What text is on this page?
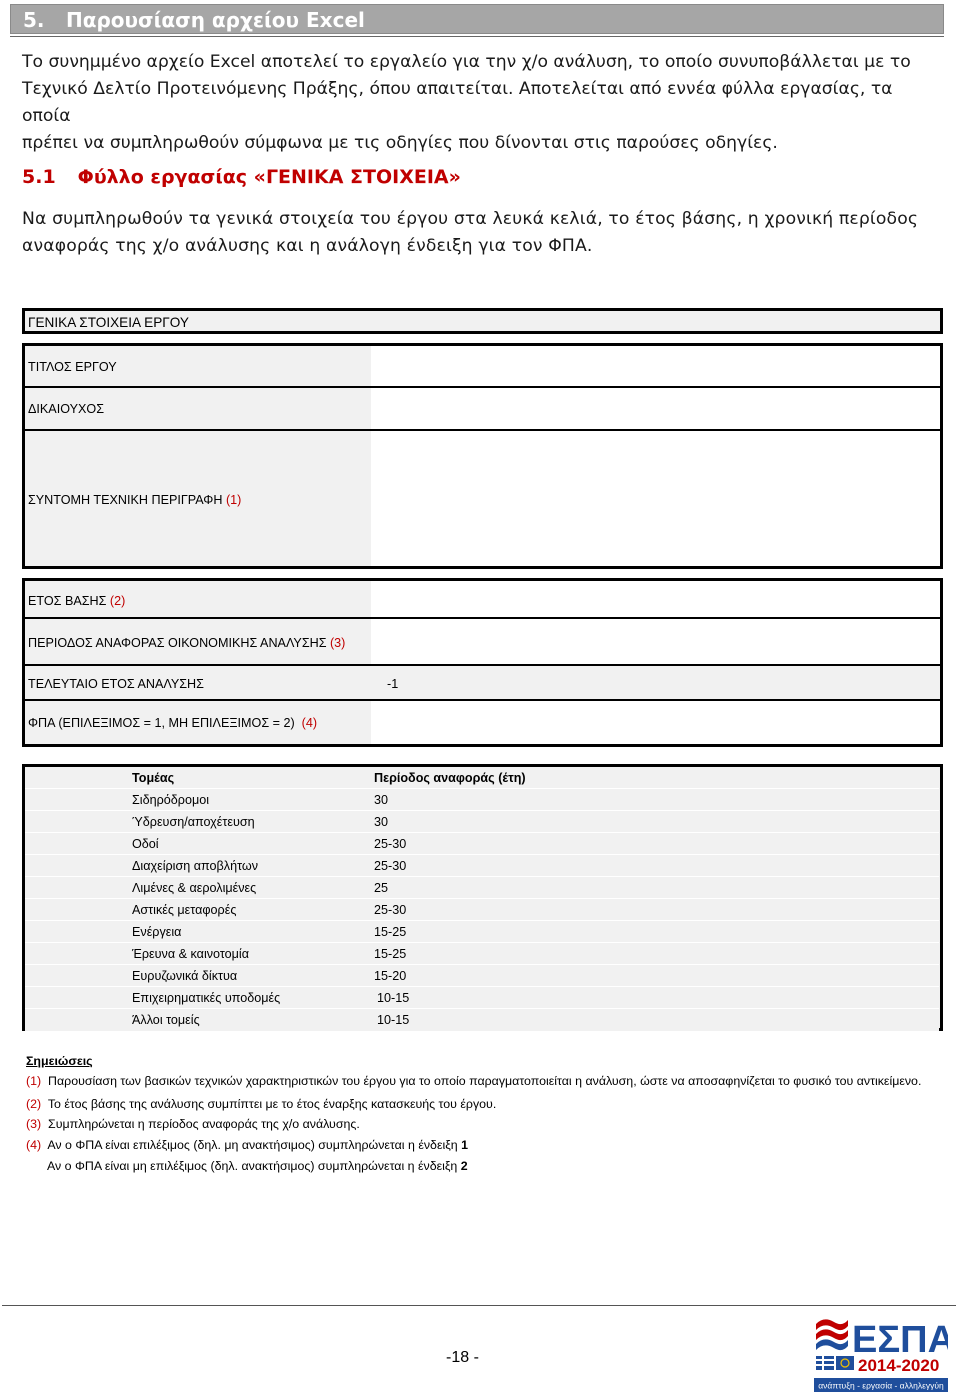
5. Παρουσίαση αρχείου Excel
Το συνημμένο αρχείο Excel αποτελεί το εργαλείο για την χ/ο ανάλυση, το οποίο συνυποβάλλεται με το
Τεχνικό Δελτίο Προτεινόμενης Πράξης, όπου απαιτείται. Αποτελείται από εννέα φύλλα εργασίας, τα οποία
πρέπει να συμπληρωθούν σύμφωνα με τις οδηγίες που δίνονται στις παρούσες οδηγίες.
5.1 Φύλλο εργασίας «ΓΕΝΙΚΑ ΣΤΟΙΧΕΙΑ»
Να συμπληρωθούν τα γενικά στοιχεία του έργου στα λευκά κελιά, το έτος βάσης, η χρονική περίοδος
αναφοράς της χ/ο ανάλυσης και η ανάλογη ένδειξη για τον ΦΠΑ.
ΓΕΝΙΚΑ ΣΤΟΙΧΕΙΑ ΕΡΓΟΥ
ΤΙΤΛΟΣ ΕΡΓΟΥ
ΔΙΚΑΙΟΥΧΟΣ
ΣΥΝΤΟΜΗ ΤΕΧΝΙΚΗ ΠΕΡΙΓΡΑΦΗ (1)
ΕΤΟΣ ΒΑΣΗΣ (2)
ΠΕΡΙΟΔΟΣ ΑΝΑΦΟΡΑΣ ΟΙΚΟΝΟΜΙΚΗΣ ΑΝΑΛΥΣΗΣ (3)
ΤΕΛΕΥΤΑΙΟ ΕΤΟΣ ΑΝΑΛΥΣΗΣ	-1
ΦΠΑ (ΕΠΙΛΕΞΙΜΟΣ = 1, ΜΗ ΕΠΙΛΕΞΙΜΟΣ = 2) (4)
Τομέας	Περίοδος αναφοράς (έτη)
Σιδηρόδρομοι	30
Ύδρευση/αποχέτευση	30
Οδοί	25-30
Διαχείριση αποβλήτων	25-30
Λιμένες & αερολιμένες	25
Αστικές μεταφορές	25-30
Ενέργεια	15-25
Έρευνα & καινοτομία	15-25
Ευρυζωνικά δίκτυα	15-20
Επιχειρηματικές υποδομές	10-15
Άλλοι τομείς	10-15
Σημειώσεις
(1) Παρουσίαση των βασικών τεχνικών χαρακτηριστικών του έργου για το οποίο παραγματοποιείται η ανάλυση, ώστε να αποσαφηνίζεται το φυσικό του αντικείμενο.
(2) Το έτος βάσης της ανάλυσης συμπίπτει με το έτος έναρξης κατασκευής του έργου.
(3) Συμπληρώνεται η περίοδος αναφοράς της χ/ο ανάλυσης.
(4) Αν ο ΦΠΑ είναι επιλέξιμος (δηλ. μη ανακτήσιμος) συμπληρώνεται η ένδειξη 1
Αν ο ΦΠΑ είναι μη επιλέξιμος (δηλ. ανακτήσιμος) συμπληρώνεται η ένδειξη 2
-18 -	ΕΣΠΑ
2014-2020
ανάπτυξη - εργασία - αλληλεγγύη
